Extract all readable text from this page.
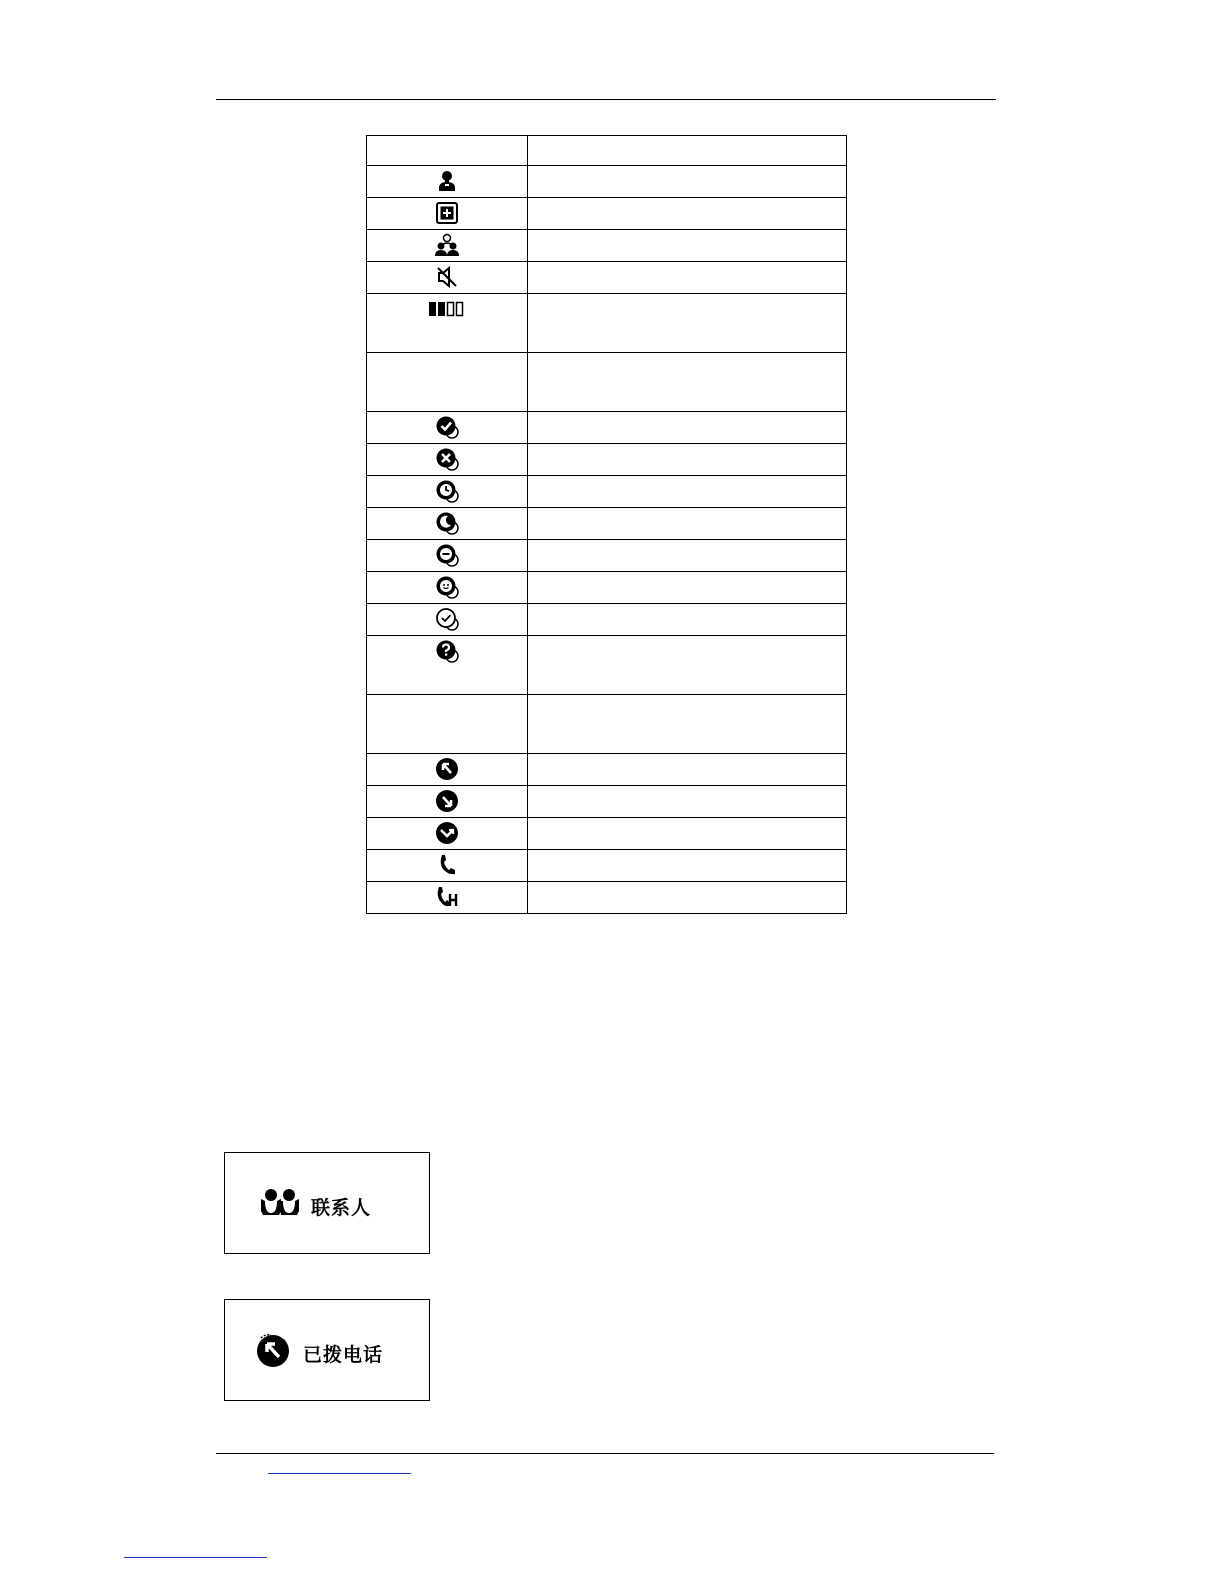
联系人
已拨电话
